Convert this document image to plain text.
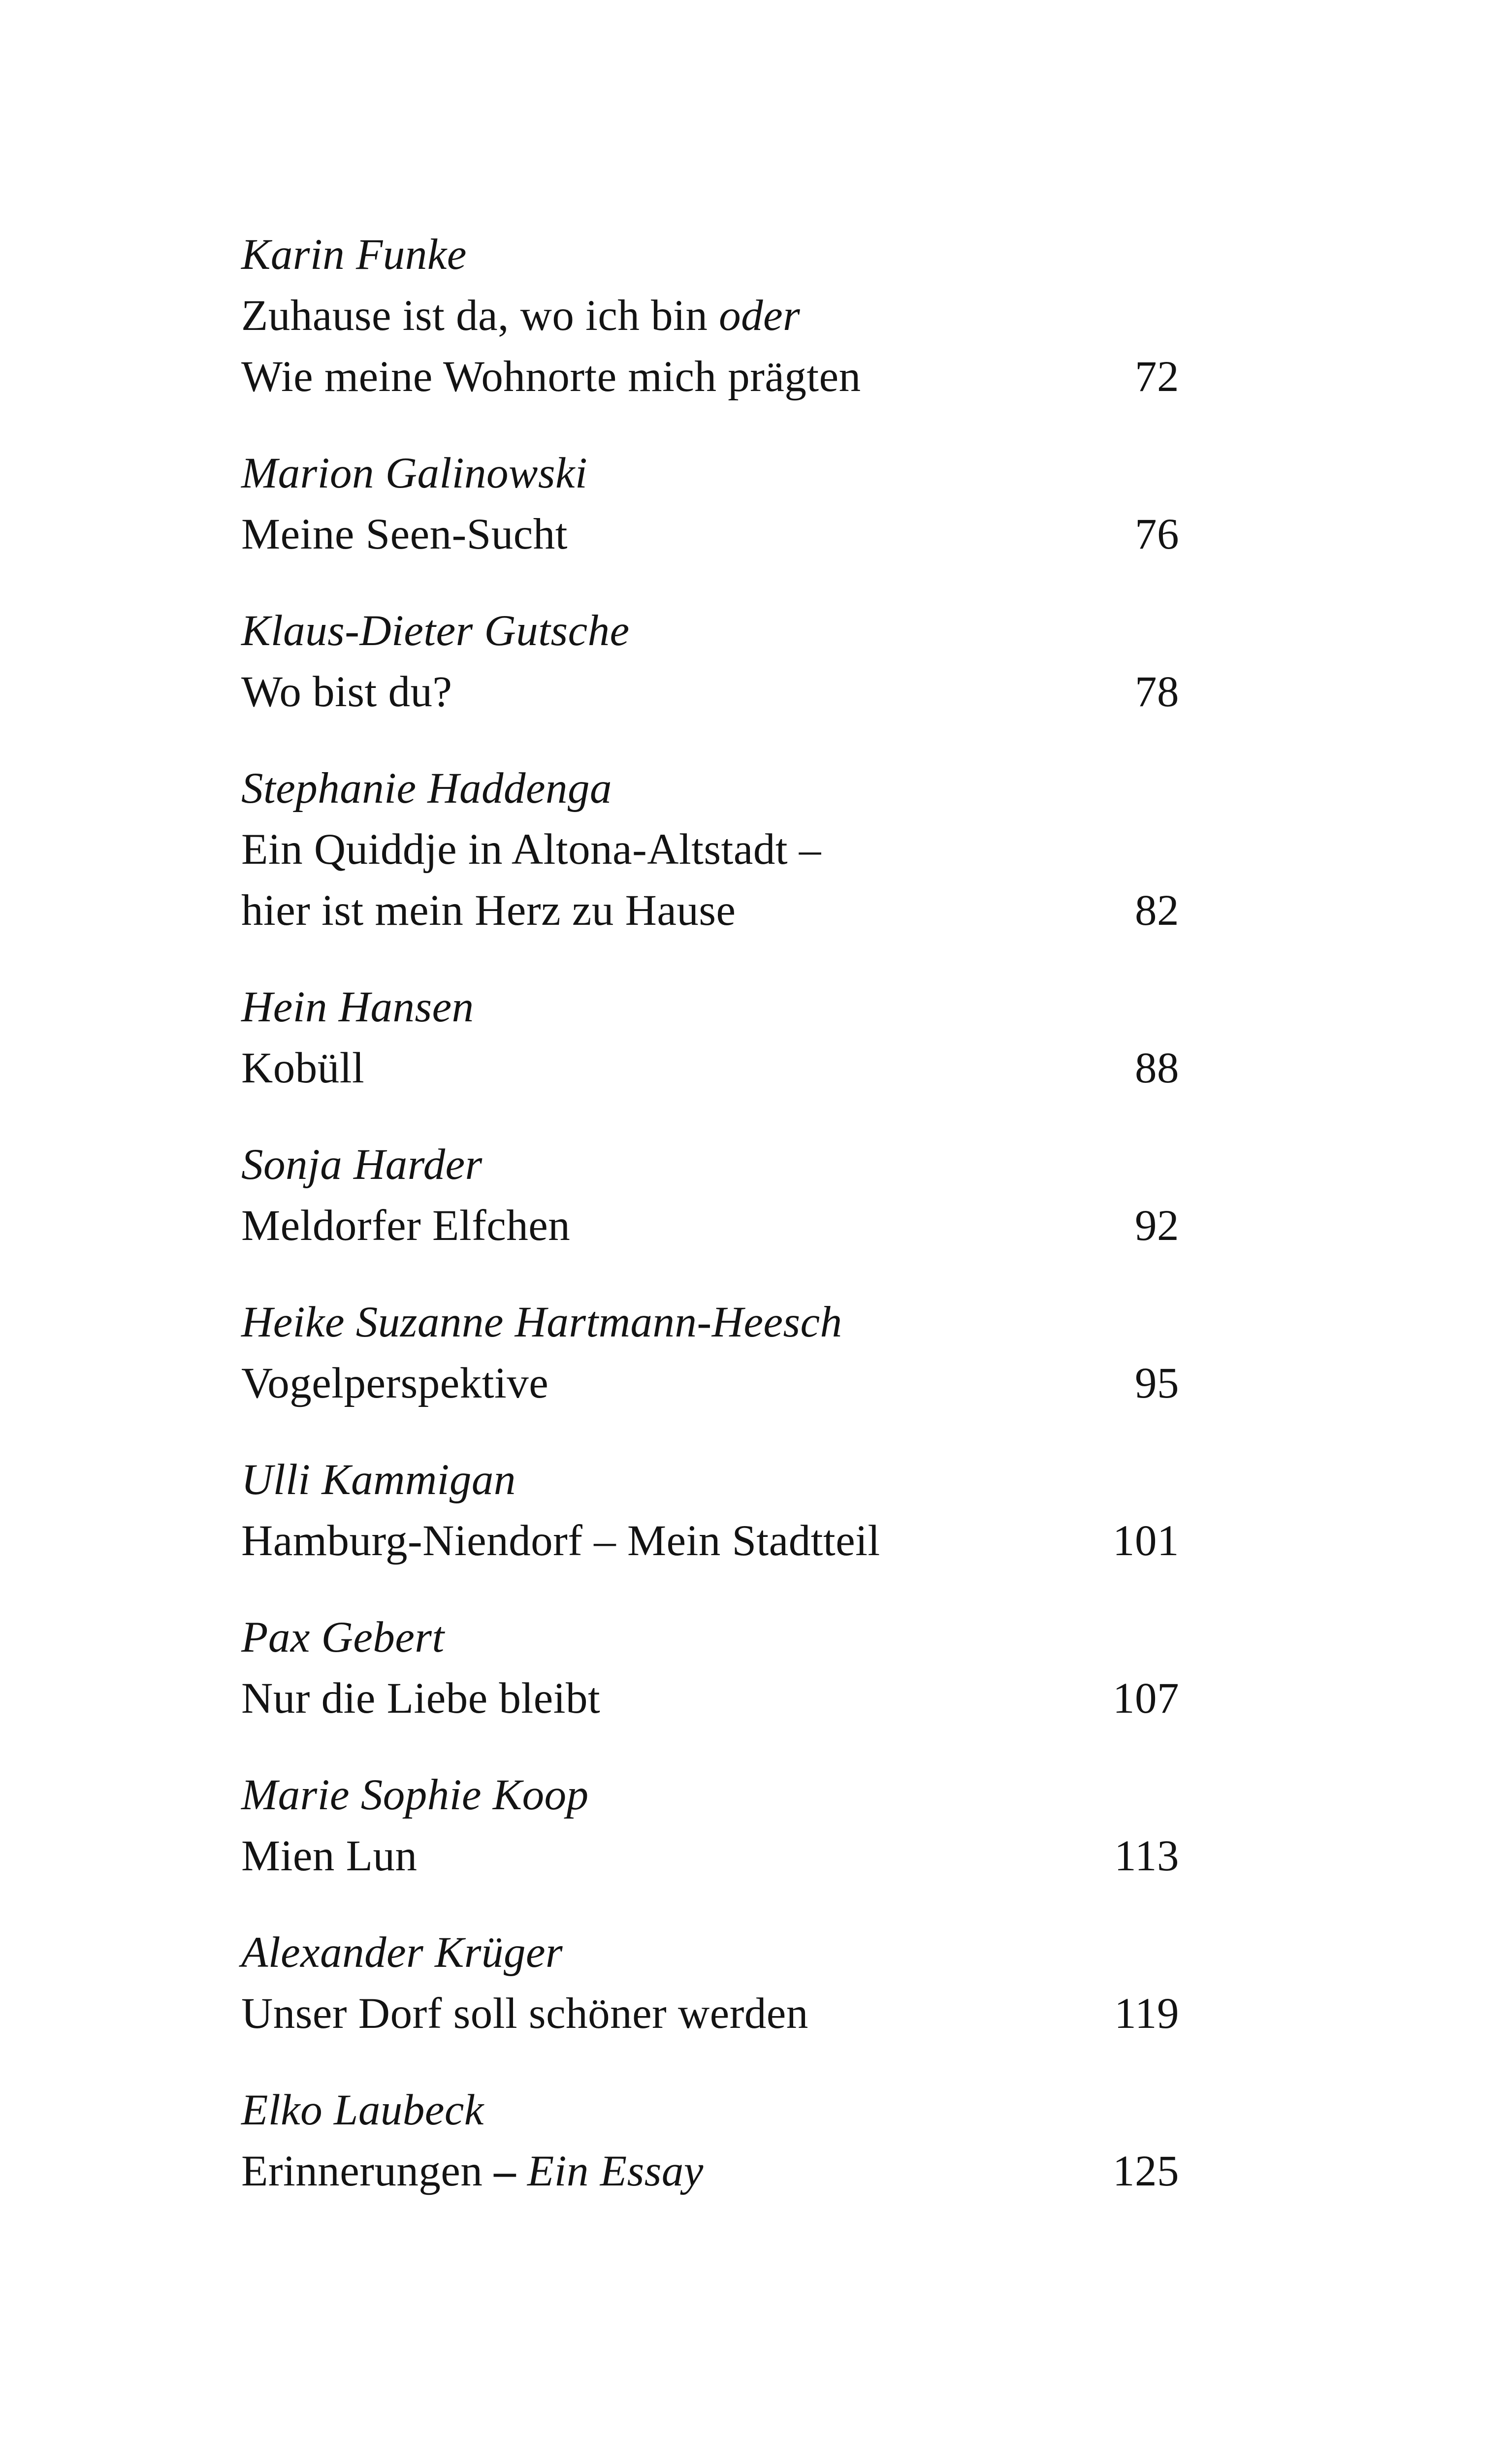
Karin Funke
Zuhause ist da, wo ich bin oder
Wie meine Wohnorte mich prägten	72
Marion Galinowski
Meine Seen-Sucht	76
Klaus-Dieter Gutsche
Wo bist du?	78
Stephanie Haddenga
Ein Quiddje in Altona-Altstadt –
hier ist mein Herz zu Hause	82
Hein Hansen
Kobüll	88
Sonja Harder
Meldorfer Elfchen	92
Heike Suzanne Hartmann-Heesch
Vogelperspektive	95
Ulli Kammigan
Hamburg-Niendorf – Mein Stadtteil	101
Pax Gebert
Nur die Liebe bleibt	107
Marie Sophie Koop
Mien Lun	113
Alexander Krüger
Unser Dorf soll schöner werden	119
Elko Laubeck
Erinnerungen – Ein Essay	125
